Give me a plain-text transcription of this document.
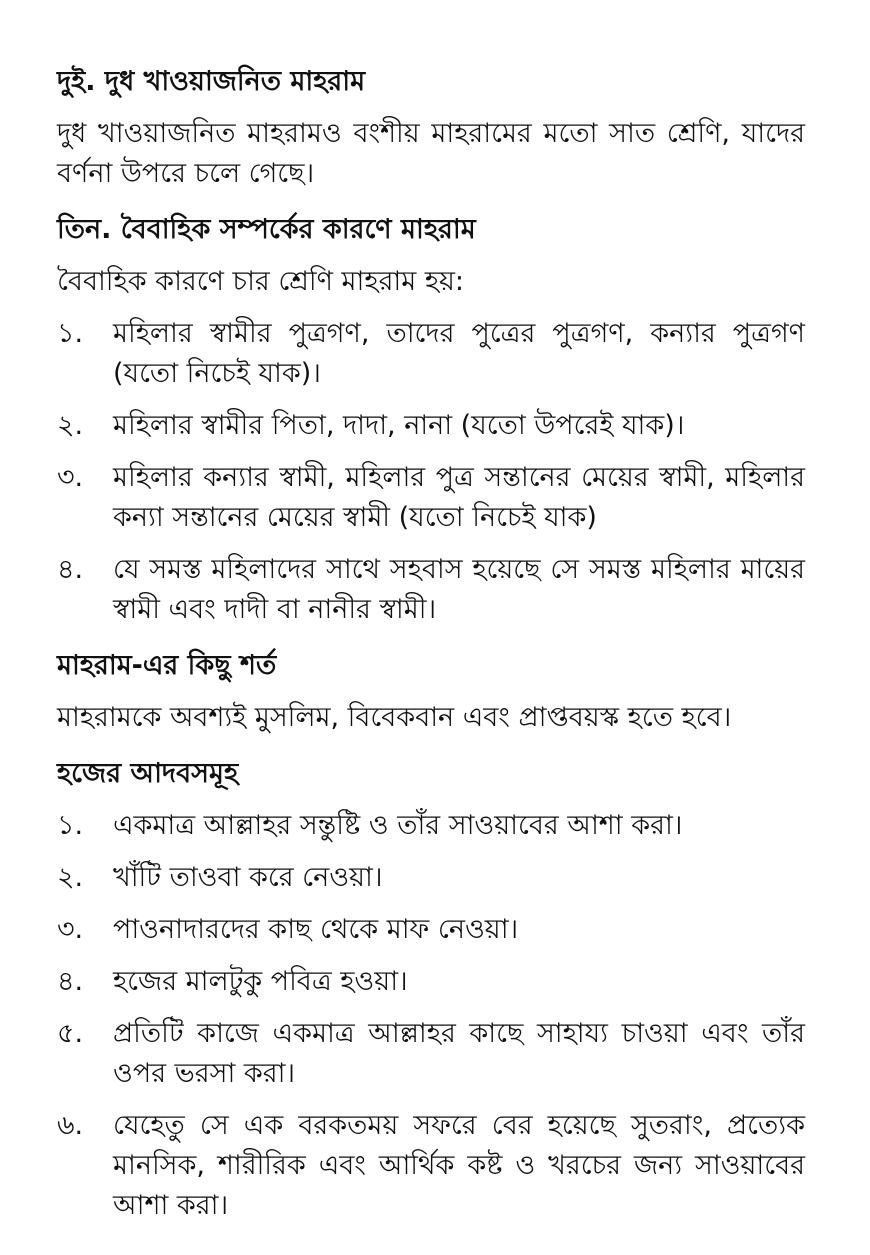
দুই. দুধ খাওয়াজনিত মাহরাম

দুধ খাওয়াজনিত মাহরামও বংশীয় মাহরামের মতো সাত শ্রেণি, যাদের বর্ণনা উপরে চলে গেছে।

তিন. বৈবাহিক সম্পর্কের কারণে মাহরাম

বৈবাহিক কারণে চার শ্রেণি মাহরাম হয়:

১.	মহিলার স্বামীর পুত্রগণ, তাদের পুত্রের পুত্রগণ, কন্যার পুত্রগণ (যতো নিচেই যাক)।
২.	মহিলার স্বামীর পিতা, দাদা, নানা (যতো উপরেই যাক)।
৩.	মহিলার কন্যার স্বামী, মহিলার পুত্র সন্তানের মেয়ের স্বামী, মহিলার কন্যা সন্তানের মেয়ের স্বামী (যতো নিচেই যাক)
৪.	যে সমস্ত মহিলাদের সাথে সহবাস হয়েছে সে সমস্ত মহিলার মায়ের স্বামী এবং দাদী বা নানীর স্বামী।
মাহরাম-এর কিছু শর্ত

মাহরামকে অবশ্যই মুসলিম, বিবেকবান এবং প্রাপ্তবয়স্ক হতে হবে।

হজের আদবসমূহ
১.	একমাত্র আল্লাহর সন্তুষ্টি ও তাঁর সাওয়াবের আশা করা।
২.	খাঁটি তাওবা করে নেওয়া।
৩.	পাওনাদারদের কাছ থেকে মাফ নেওয়া।
৪.	হজের মালটুকু পবিত্র হওয়া।
৫.	প্রতিটি কাজে একমাত্র আল্লাহর কাছে সাহায্য চাওয়া এবং তাঁর ওপর ভরসা করা।
৬.	যেহেতু সে এক বরকতময় সফরে বের হয়েছে সুতরাং, প্রত্যেক মানসিক, শারীরিক এবং আর্থিক কষ্ট ও খরচের জন্য সাওয়াবের আশা করা।
